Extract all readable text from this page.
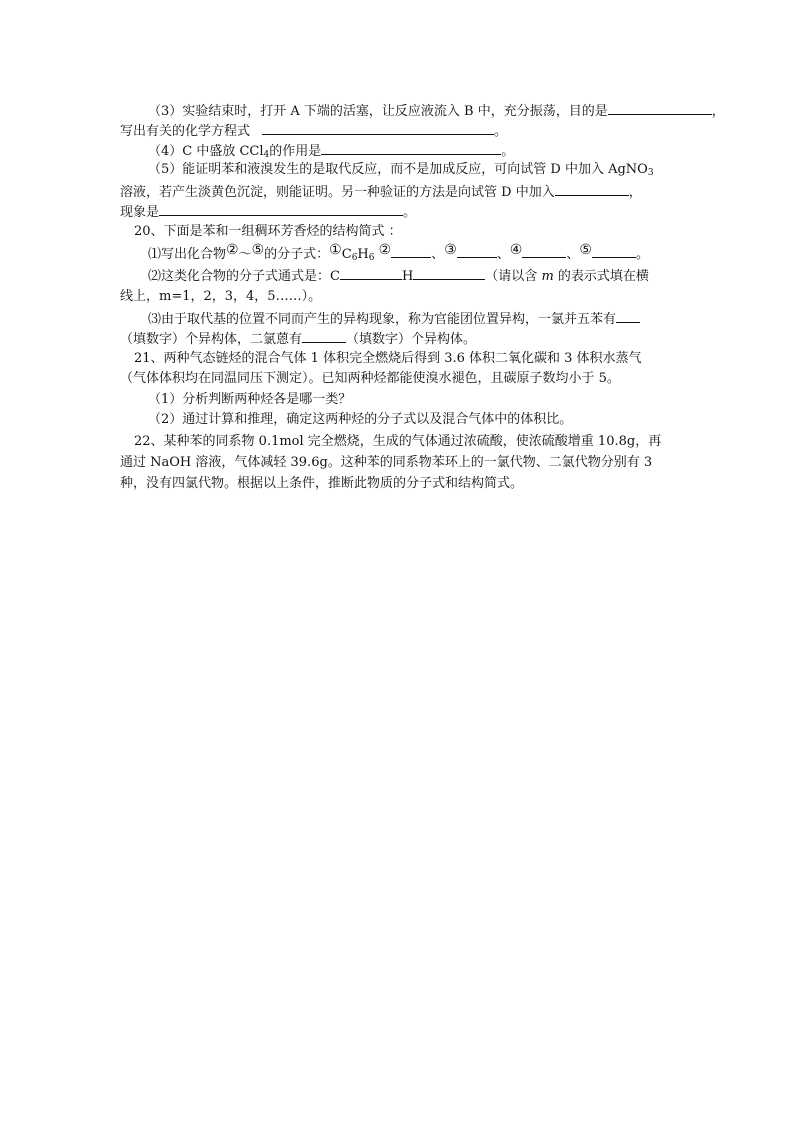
（3）实验结束时，打开 A 下端的活塞，让反应液流入 B 中，充分振荡，目的是	，
写出有关的化学方程式	。
（4）C 中盛放 CCl$_4$的作用是	。
（5）能证明苯和液溴发生的是取代反应，而不是加成反应，可向试管 D 中加入 AgNO$_3$
溶液，若产生淡黄色沉淀，则能证明。另一种验证的方法是向试管 D 中加入	，
现象是	。
20、下面是苯和一组稠环芳香烃的结构简式 ：
⑴写出化合物②～⑤的分子式：$①C_6H_6$ ②	、③	、④	、⑤	。
⑵这类化合物的分子式通式是：C	H	（请以含 m 的表示式填在横
线上，m=1，2，3，4，5……）。
⑶由于取代基的位置不同而产生的异构现象，称为官能团位置异构，一氯并五苯有
（填数字）个异构体，二氯蒽有	（填数字）个异构体。
21、两种气态链烃的混合气体 1 体积完全燃烧后得到 3.6 体积二氧化碳和 3 体积水蒸气
（气体体积均在同温同压下测定）。已知两种烃都能使溴水褪色，且碳原子数均小于 5。
（1）分析判断两种烃各是哪一类？
（2）通过计算和推理，确定这两种烃的分子式以及混合气体中的体积比。
22、某种苯的同系物 0.1mol 完全燃烧，生成的气体通过浓硫酸，使浓硫酸增重 10.8g，再
通过 NaOH 溶液，气体减轻 39.6g。这种苯的同系物苯环上的一氯代物、二氯代物分别有 3
种，没有四氯代物。根据以上条件，推断此物质的分子式和结构简式。
